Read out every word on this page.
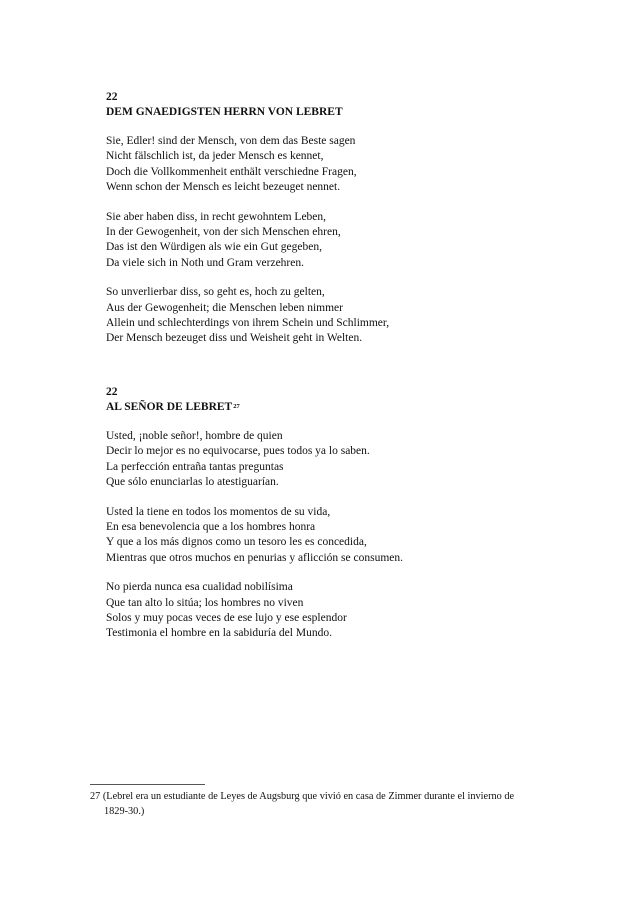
22
DEM GNAEDIGSTEN HERRN VON LEBRET
Sie, Edler! sind der Mensch, von dem das Beste sagen
Nicht fälschlich ist, da jeder Mensch es kennet,
Doch die Vollkommenheit enthält verschiedne Fragen,
Wenn schon der Mensch es leicht bezeuget nennet.
Sie aber haben diss, in recht gewohntem Leben,
In der Gewogenheit, von der sich Menschen ehren,
Das ist den Würdigen als wie ein Gut gegeben,
Da viele sich in Noth und Gram verzehren.
So unverlierbar diss, so geht es, hoch zu gelten,
Aus der Gewogenheit; die Menschen leben nimmer
Allein und schlechterdings von ihrem Schein und Schlimmer,
Der Mensch bezeuget diss und Weisheit geht in Welten.
22
AL SEÑOR DE LEBRET$^{27}$
Usted, ¡noble señor!, hombre de quien
Decir lo mejor es no equivocarse, pues todos ya lo saben.
La perfección entraña tantas preguntas
Que sólo enunciarlas lo atestiguarían.
Usted la tiene en todos los momentos de su vida,
En esa benevolencia que a los hombres honra
Y que a los más dignos como un tesoro les es concedida,
Mientras que otros muchos en penurias y aflicción se consumen.
No pierda nunca esa cualidad nobilísima
Que tan alto lo sitúa; los hombres no viven
Solos y muy pocas veces de ese lujo y ese esplendor
Testimonia el hombre en la sabiduría del Mundo.
27 (Lebrel era un estudiante de Leyes de Augsburg que vivió en casa de Zimmer durante el invierno de
1829-30.)
